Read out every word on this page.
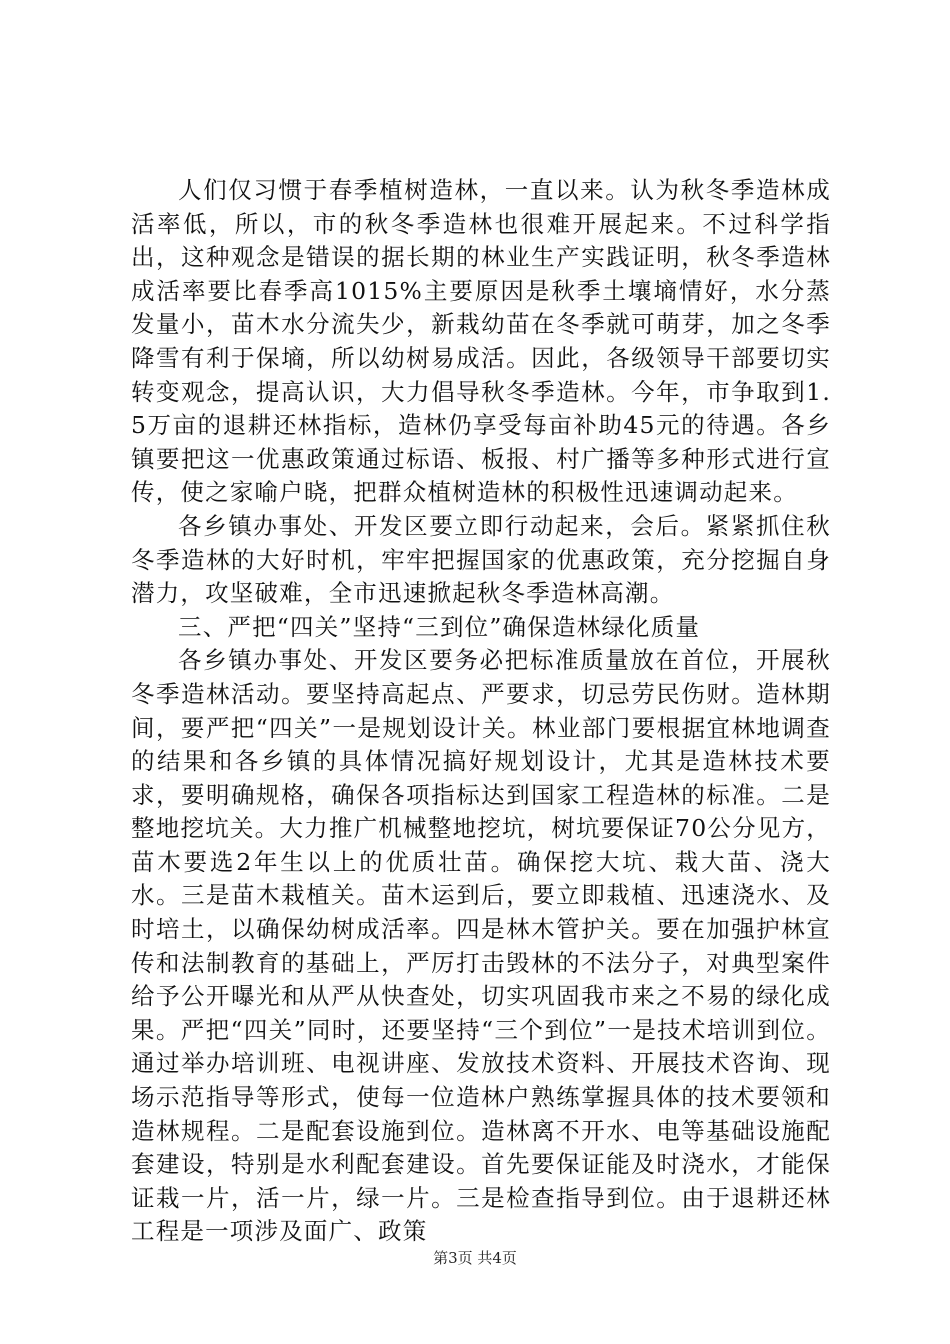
人们仅习惯于春季植树造林，一直以来。认为秋冬季造林成活率低，所以，市的秋冬季造林也很难开展起来。不过科学指出，这种观念是错误的据长期的林业生产实践证明，秋冬季造林成活率要比春季高1015%主要原因是秋季土壤墒情好，水分蒸发量小，苗木水分流失少，新栽幼苗在冬季就可萌芽，加之冬季降雪有利于保墒，所以幼树易成活。因此，各级领导干部要切实转变观念，提高认识，大力倡导秋冬季造林。今年，市争取到1.5万亩的退耕还林指标，造林仍享受每亩补助45元的待遇。各乡镇要把这一优惠政策通过标语、板报、村广播等多种形式进行宣传，使之家喻户晓，把群众植树造林的积极性迅速调动起来。

各乡镇办事处、开发区要立即行动起来，会后。紧紧抓住秋冬季造林的大好时机，牢牢把握国家的优惠政策，充分挖掘自身潜力，攻坚破难，全市迅速掀起秋冬季造林高潮。

三、严把“四关”坚持“三到位”确保造林绿化质量

各乡镇办事处、开发区要务必把标准质量放在首位，开展秋冬季造林活动。要坚持高起点、严要求，切忌劳民伤财。造林期间，要严把“四关”一是规划设计关。林业部门要根据宜林地调查的结果和各乡镇的具体情况搞好规划设计，尤其是造林技术要求，要明确规格，确保各项指标达到国家工程造林的标准。二是整地挖坑关。大力推广机械整地挖坑，树坑要保证70公分见方，苗木要选2年生以上的优质壮苗。确保挖大坑、栽大苗、浇大水。三是苗木栽植关。苗木运到后，要立即栽植、迅速浇水、及时培土，以确保幼树成活率。四是林木管护关。要在加强护林宣传和法制教育的基础上，严厉打击毁林的不法分子，对典型案件给予公开曝光和从严从快查处，切实巩固我市来之不易的绿化成果。严把“四关”同时，还要坚持“三个到位”一是技术培训到位。通过举办培训班、电视讲座、发放技术资料、开展技术咨询、现场示范指导等形式，使每一位造林户熟练掌握具体的技术要领和造林规程。二是配套设施到位。造林离不开水、电等基础设施配套建设，特别是水利配套建设。首先要保证能及时浇水，才能保证栽一片，活一片，绿一片。三是检查指导到位。由于退耕还林工程是一项涉及面广、政策

第3页 共4页
